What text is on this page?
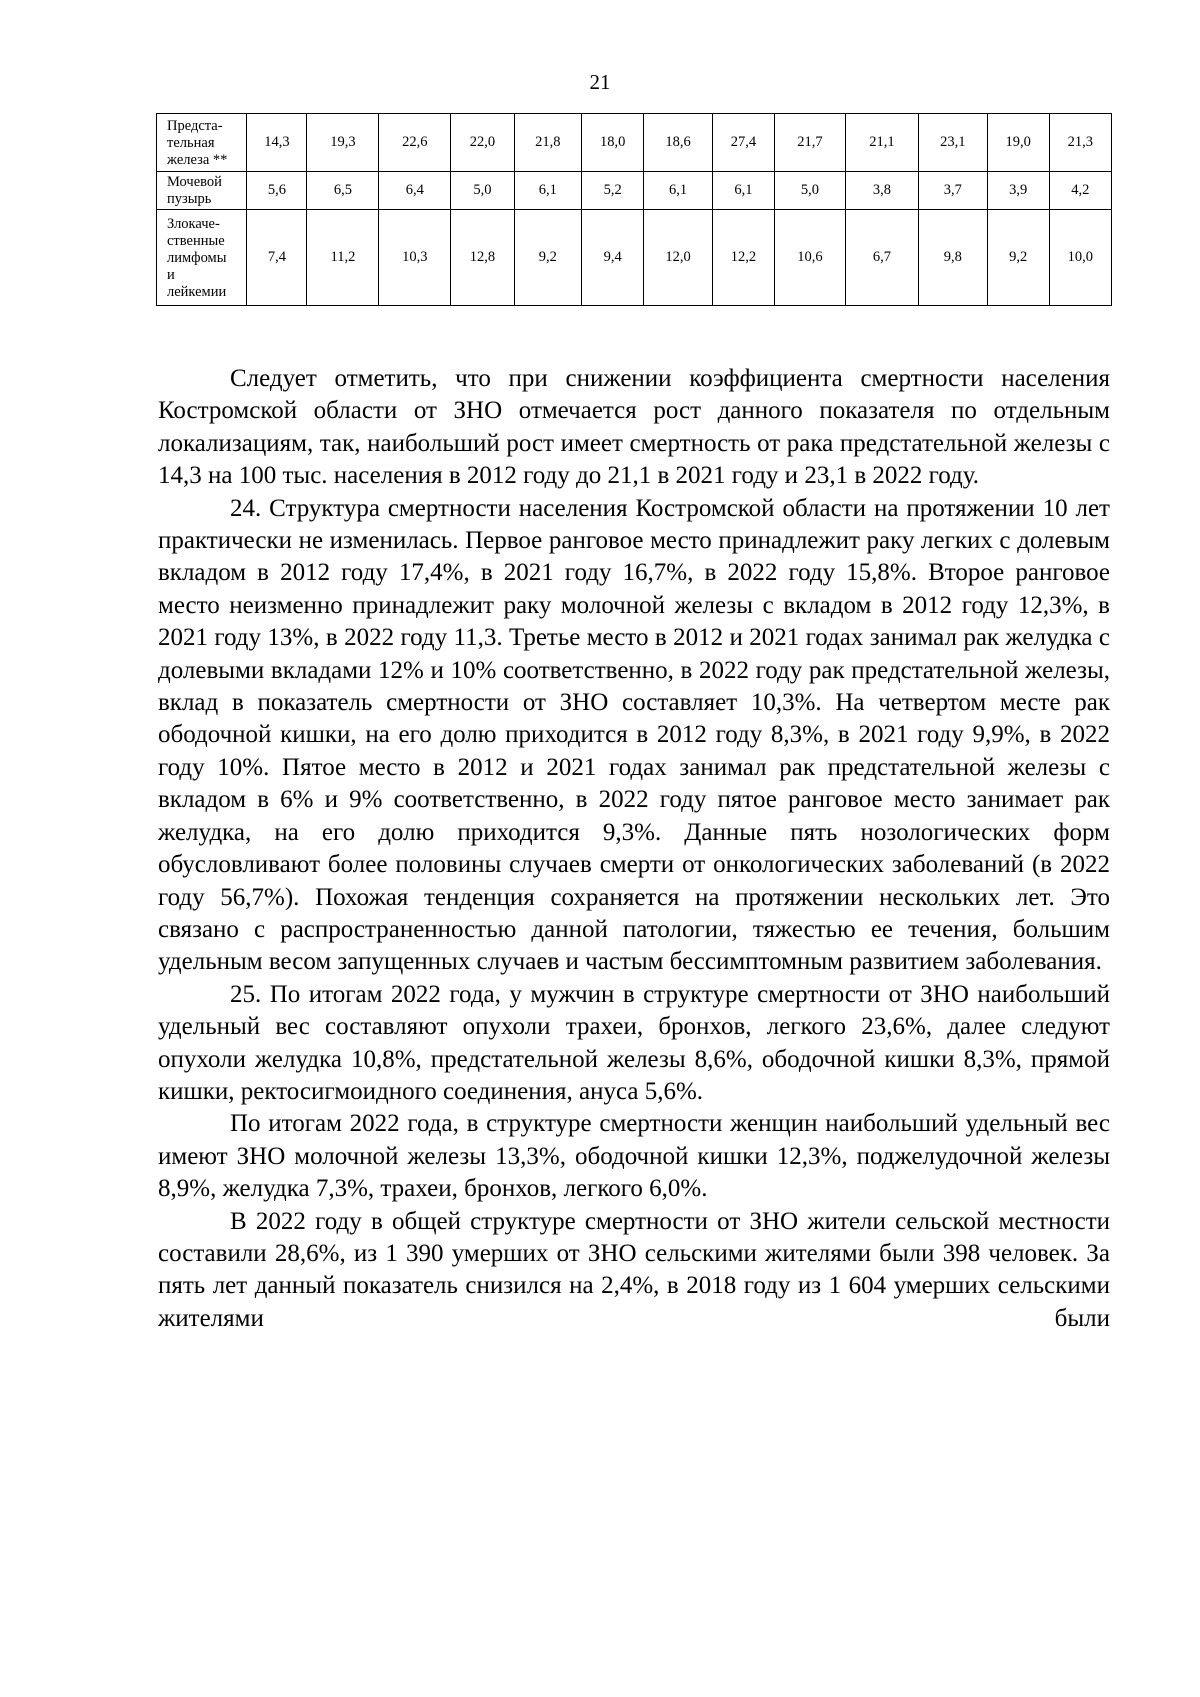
21
Предста-
тельная
железа **	14,3	19,3	22,6	22,0	21,8	18,0	18,6	27,4	21,7	21,1	23,1	19,0	21,3
Мочевой
пузырь	5,6	6,5	6,4	5,0	6,1	5,2	6,1	6,1	5,0	3,8	3,7	3,9	4,2
Злокаче-
ственные
лимфомы
и
лейкемии	7,4	11,2	10,3	12,8	9,2	9,4	12,0	12,2	10,6	6,7	9,8	9,2	10,0

Следует отметить, что при снижении коэффициента смертности населения Костромской области от ЗНО отмечается рост данного показателя по отдельным локализациям, так, наибольший рост имеет смертность от рака предстательной железы с 14,3 на 100 тыс. населения в 2012 году до 21,1 в 2021 году и 23,1 в 2022 году.

24. Структура смертности населения Костромской области на протяжении 10 лет практически не изменилась. Первое ранговое место принадлежит раку легких с долевым вкладом в 2012 году 17,4%, в 2021 году 16,7%, в 2022 году 15,8%. Второе ранговое место неизменно принадлежит раку молочной железы с вкладом в 2012 году 12,3%, в 2021 году 13%, в 2022 году 11,3. Третье место в 2012 и 2021 годах занимал рак желудка с долевыми вкладами 12% и 10% соответственно, в 2022 году рак предстательной железы, вклад в показатель смертности от ЗНО составляет 10,3%. На четвертом месте рак ободочной кишки, на его долю приходится в 2012 году 8,3%, в 2021 году 9,9%, в 2022 году 10%. Пятое место в 2012 и 2021 годах занимал рак предстательной железы с вкладом в 6% и 9% соответственно, в 2022 году пятое ранговое место занимает рак желудка, на его долю приходится 9,3%. Данные пять нозологических форм обусловливают более половины случаев смерти от онкологических заболеваний (в 2022 году 56,7%). Похожая тенденция сохраняется на протяжении нескольких лет. Это связано с распространенностью данной патологии, тяжестью ее течения, большим удельным весом запущенных случаев и частым бессимптомным развитием заболевания.

25. По итогам 2022 года, у мужчин в структуре смертности от ЗНО наибольший удельный вес составляют опухоли трахеи, бронхов, легкого 23,6%, далее следуют опухоли желудка 10,8%, предстательной железы 8,6%, ободочной кишки 8,3%, прямой кишки, ректосигмоидного соединения, ануса 5,6%.

По итогам 2022 года, в структуре смертности женщин наибольший удельный вес имеют ЗНО молочной железы 13,3%, ободочной кишки 12,3%, поджелудочной железы 8,9%, желудка 7,3%, трахеи, бронхов, легкого 6,0%.

В 2022 году в общей структуре смертности от ЗНО жители сельской местности составили 28,6%, из 1 390 умерших от ЗНО сельскими жителями были 398 человек. За пять лет данный показатель снизился на 2,4%, в 2018 году из 1 604 умерших сельскими жителями были
